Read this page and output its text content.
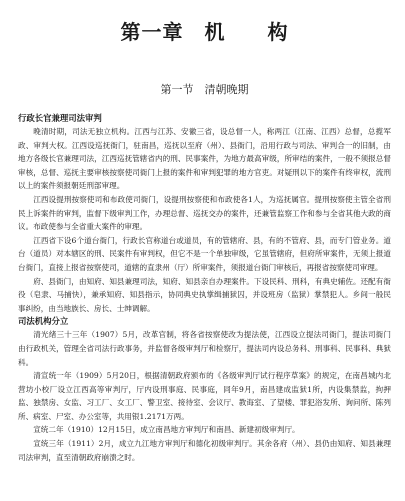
第一章　机　　构
第一节　清朝晚期
行政长官兼理司法审判

晚清时期，司法无独立机构。江西与江苏、安徽三省，设总督一人，称两江（江南、江西）总督，总揽军政、审判大权。江西设巡抚衙门，驻南昌，巡抚以至府（州）、县衙门，沿用行政与司法、审判合一的旧制，由地方各级长官兼理司法，江西巡抚管辖省内的刑、民事案件，为地方最高审级，所审结的案件，一般不须报总督审核，总督、巡抚主要审核按察使司衙门上报的案件和审判犯罪的地方官吏。对疑刑以下的案件有终审权，流刑以上的案件须报朝廷刑部审理。

江西设提刑按察使司和布政使司衙门，设提刑按察使和布政使各1人，为巡抚属官。提刑按察使主管全省刑民上诉案件的审判，监督下级审判工作，办理总督、巡抚交办的案件，还兼管监察工作和参与全省其他大政的商议。布政使参与全省重大案件的审理。

江西省下设6个道台衙门，行政长官称道台或道员，有的管辖府、县，有的不管府、县，而专门管业务。道台（道员）对本辖区的刑、民案件有审判权，但它不是一个单独审级，它虽管辖府，但府所审案件，无须上报道台衙门，直接上报省按察使司，道辖的直隶州（厅）所审案件，须报道台衙门审核后，再报省按察使司审理。

府、县衙门，由知府、知县兼理司法，知府、知县亲自办理案件。下设民科、刑科，有典史辅佐。还配有衙役（皂隶、马捕快），兼承知府、知县指示，协同典史执掌缉捕狱囚，并设班房（监狱）掌禁犯人。乡间一般民事纠纷，由当地族长、房长、士绅调解。

司法机构分立

清光绪三十三年（1907）5月，改革官制，将各省按察使改为提法使，江西设立提法司衙门，提法司衙门由行政机关，管理全省司法行政事务，并监督各级审判厅和检察厅，提法司内设总务科、刑事科、民事科、典狱科。

清宣统一年（1909）5月20日，根据清朝政府颁布的《各级审判厅试行程序草案》的规定，在南昌城内北营坊小校厂设立江西高等审判厅，厅内设刑事庭、民事庭，同年9月，南昌建成监狱1所，内设集禁监，拘押监、独禁房、女监、习工厂、女工厂、警卫室、接待室、会议厅、教诲室、了望楼、罪犯浴发所、询问所、陈列所、病室、尸室、办公室等，共用银1.2171万两。

宣统二年（1910）12月15日，成立南昌地方审判厅和南昌、新建初级审判厅。

宣统三年（1911）2月，成立九江地方审判厅和德化初级审判厅。其余各府（州）、县仍由知府、知县兼理司法审判，直至清朝政府崩溃之时。
